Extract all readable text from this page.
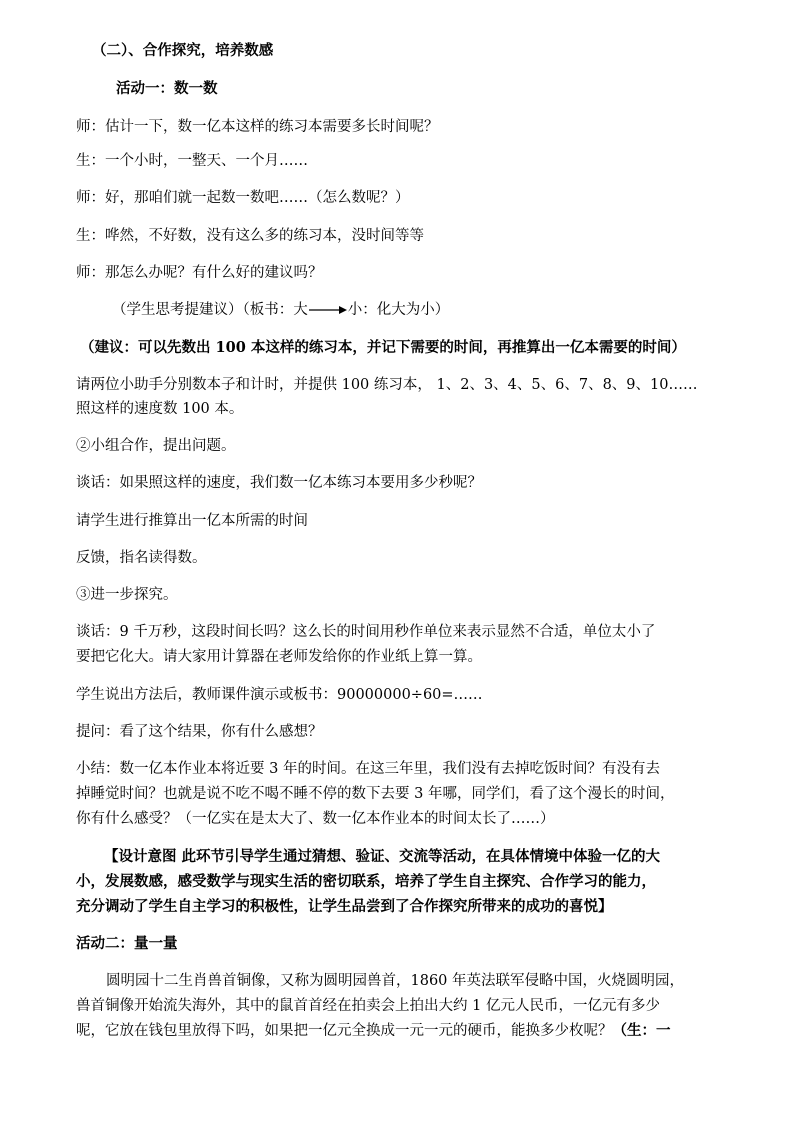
（二）、合作探究，培养数感
活动一：数一数
师：估计一下，数一亿本这样的练习本需要多长时间呢？
生：一个小时，一整天、一个月……
师：好，那咱们就一起数一数吧……（怎么数呢？）
生：哗然，不好数，没有这么多的练习本，没时间等等
师：那怎么办呢？有什么好的建议吗？
（学生思考提建议）（板书：大	小：化大为小）
（建议：可以先数出 100 本这样的练习本，并记下需要的时间，再推算出一亿本需要的时间）
请两位小助手分别数本子和计时，并提供 100 练习本， 1、2、3、4、5、6、7、8、9、10……
照这样的速度数 100 本。
②小组合作，提出问题。
谈话：如果照这样的速度，我们数一亿本练习本要用多少秒呢？
请学生进行推算出一亿本所需的时间
反馈，指名读得数。
③进一步探究。
谈话：9 千万秒，这段时间长吗？这么长的时间用秒作单位来表示显然不合适，单位太小了
要把它化大。请大家用计算器在老师发给你的作业纸上算一算。
学生说出方法后，教师课件演示或板书：90000000÷60=……
提问：看了这个结果，你有什么感想？
小结：数一亿本作业本将近要 3 年的时间。在这三年里，我们没有去掉吃饭时间？有没有去
掉睡觉时间？也就是说不吃不喝不睡不停的数下去要 3 年哪，同学们，看了这个漫长的时间，
你有什么感受？（一亿实在是太大了、数一亿本作业本的时间太长了……）
【设计意图 此环节引导学生通过猜想、验证、交流等活动，在具体情境中体验一亿的大
小，发展数感，感受数学与现实生活的密切联系，培养了学生自主探究、合作学习的能力，
充分调动了学生自主学习的积极性，让学生品尝到了合作探究所带来的成功的喜悦】
活动二：量一量
圆明园十二生肖兽首铜像，又称为圆明园兽首，1860 年英法联军侵略中国，火烧圆明园，
兽首铜像开始流失海外，其中的鼠首首经在拍卖会上拍出大约 1 亿元人民币，一亿元有多少
呢，它放在钱包里放得下吗，如果把一亿元全换成一元一元的硬币，能换多少枚呢？（生：一
